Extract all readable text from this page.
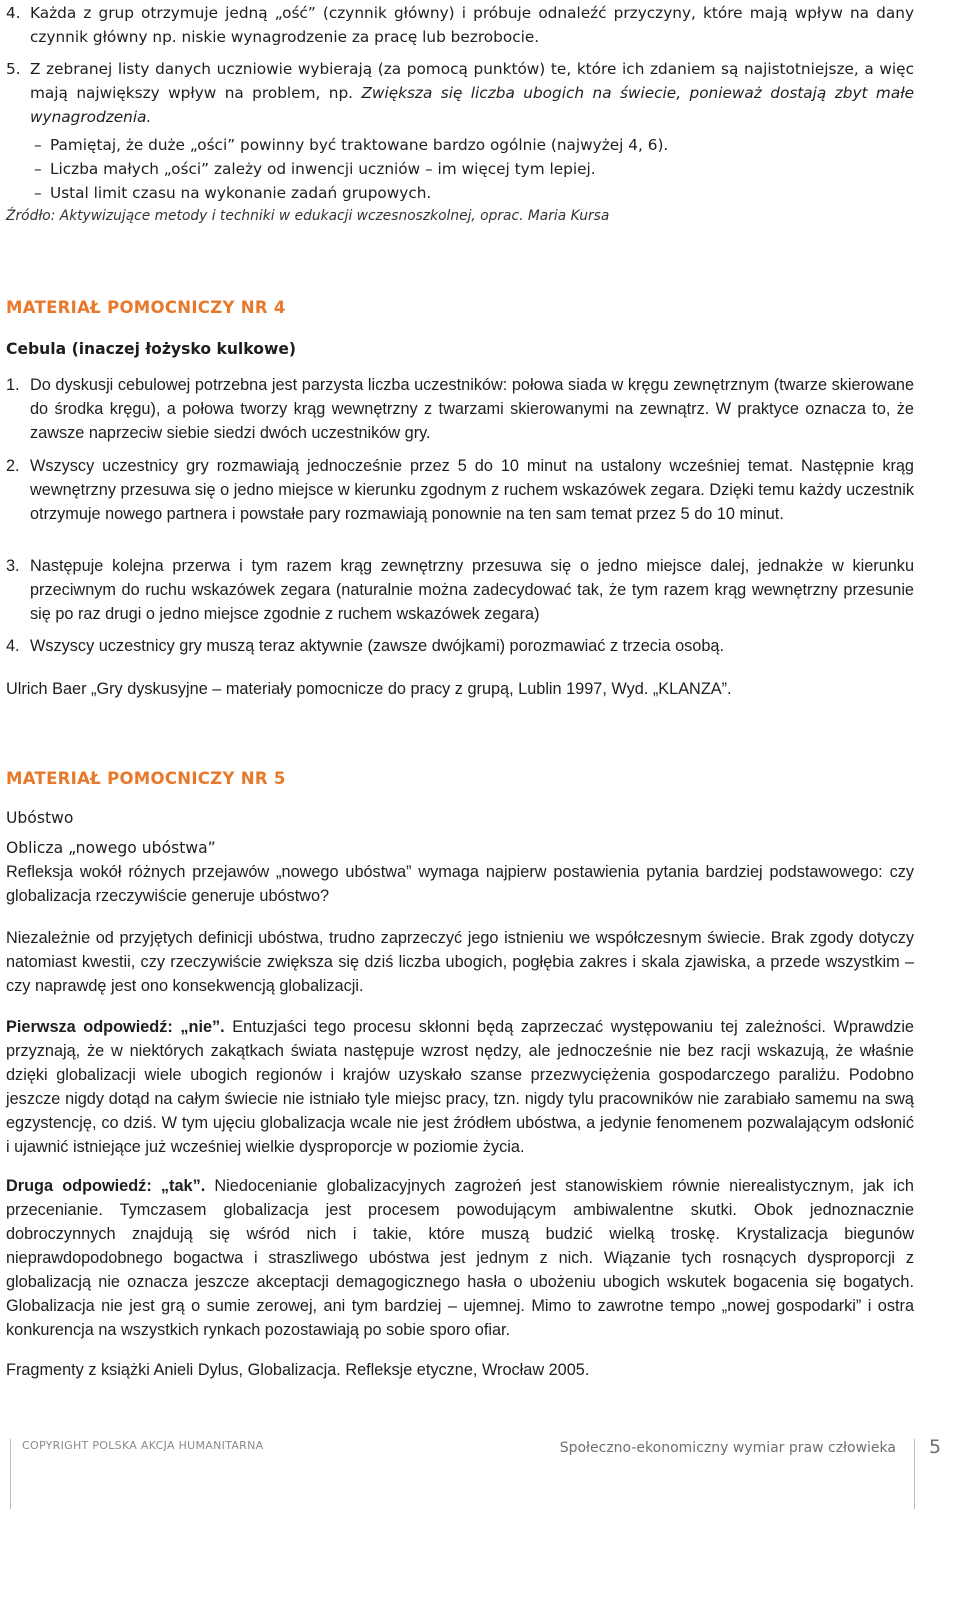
4. Każda z grup otrzymuje jedną „ość” (czynnik główny) i próbuje odnaleźć przyczyny, które mają wpływ na dany czynnik główny np. niskie wynagrodzenie za pracę lub bezrobocie.
5. Z zebranej listy danych uczniowie wybierają (za pomocą punktów) te, które ich zdaniem są najistotniejsze, a więc mają największy wpływ na problem, np. Zwiększa się liczba ubogich na świecie, ponieważ dostają zbyt małe wynagrodzenia.
– Pamiętaj, że duże „ości” powinny być traktowane bardzo ogólnie (najwyżej 4, 6).
– Liczba małych „ości” zależy od inwencji uczniów – im więcej tym lepiej.
– Ustal limit czasu na wykonanie zadań grupowych.

Źródło: Aktywizujące metody i techniki w edukacji wczesnoszkolnej, oprac. Maria Kursa

MATERIAŁ POMOCNICZY NR 4

Cebula (inaczej łożysko kulkowe)

1. Do dyskusji cebulowej potrzebna jest parzysta liczba uczestników: połowa siada w kręgu zewnętrznym (twarze skierowane do środka kręgu), a połowa tworzy krąg wewnętrzny z twarzami skierowanymi na zewnątrz. W praktyce oznacza to, że zawsze naprzeciw siebie siedzi dwóch uczestników gry.
2. Wszyscy uczestnicy gry rozmawiają jednocześnie przez 5 do 10 minut na ustalony wcześniej temat. Następnie krąg wewnętrzny przesuwa się o jedno miejsce w kierunku zgodnym z ruchem wskazówek zegara. Dzięki temu każdy uczestnik otrzymuje nowego partnera i powstałe pary rozmawiają ponownie na ten sam temat przez 5 do 10 minut.
3. Następuje kolejna przerwa i tym razem krąg zewnętrzny przesuwa się o jedno miejsce dalej, jednakże w kierunku przeciwnym do ruchu wskazówek zegara (naturalnie można zadecydować tak, że tym razem krąg wewnętrzny przesunie się po raz drugi o jedno miejsce zgodnie z ruchem wskazówek zegara)
4. Wszyscy uczestnicy gry muszą teraz aktywnie (zawsze dwójkami) porozmawiać z trzecia osobą.

Ulrich Baer „Gry dyskusyjne – materiały pomocnicze do pracy z grupą, Lublin 1997, Wyd. „KLANZA”.

MATERIAŁ POMOCNICZY NR 5

Ubóstwo

Oblicza „nowego ubóstwa”

Refleksja wokół różnych przejawów „nowego ubóstwa” wymaga najpierw postawienia pytania bardziej podstawowego: czy globalizacja rzeczywiście generuje ubóstwo?

Niezależnie od przyjętych definicji ubóstwa, trudno zaprzeczyć jego istnieniu we współczesnym świecie. Brak zgody dotyczy natomiast kwestii, czy rzeczywiście zwiększa się dziś liczba ubogich, pogłębia zakres i skala zjawiska, a przede wszystkim – czy naprawdę jest ono konsekwencją globalizacji.

Pierwsza odpowiedź: „nie”. Entuzjaści tego procesu skłonni będą zaprzeczać występowaniu tej zależności. Wprawdzie przyznają, że w niektórych zakątkach świata następuje wzrost nędzy, ale jednocześnie nie bez racji wskazują, że właśnie dzięki globalizacji wiele ubogich regionów i krajów uzyskało szanse przezwyciężenia gospodarczego paraliżu. Podobno jeszcze nigdy dotąd na całym świecie nie istniało tyle miejsc pracy, tzn. nigdy tylu pracowników nie zarabiało samemu na swą egzystencję, co dziś. W tym ujęciu globalizacja wcale nie jest źródłem ubóstwa, a jedynie fenomenem pozwalającym odsłonić i ujawnić istniejące już wcześniej wielkie dysproporcje w poziomie życia.

Druga odpowiedź: „tak”. Niedocenianie globalizacyjnych zagrożeń jest stanowiskiem równie nierealistycznym, jak ich przecenianie. Tymczasem globalizacja jest procesem powodującym ambiwalentne skutki. Obok jednoznacznie dobroczynnych znajdują się wśród nich i takie, które muszą budzić wielką troskę. Krystalizacja biegunów nieprawdopodobnego bogactwa i straszliwego ubóstwa jest jednym z nich. Wiązanie tych rosnących dysproporcji z globalizacją nie oznacza jeszcze akceptacji demagogicznego hasła o ubożeniu ubogich wskutek bogacenia się bogatych. Globalizacja nie jest grą o sumie zerowej, ani tym bardziej – ujemnej. Mimo to zawrotne tempo „nowej gospodarki” i ostra konkurencja na wszystkich rynkach pozostawiają po sobie sporo ofiar.

Fragmenty z książki Anieli Dylus, Globalizacja. Refleksje etyczne, Wrocław 2005.

COPYRIGHT POLSKA AKCJA HUMANITARNA	Społeczno-ekonomiczny wymiar praw człowieka 5
